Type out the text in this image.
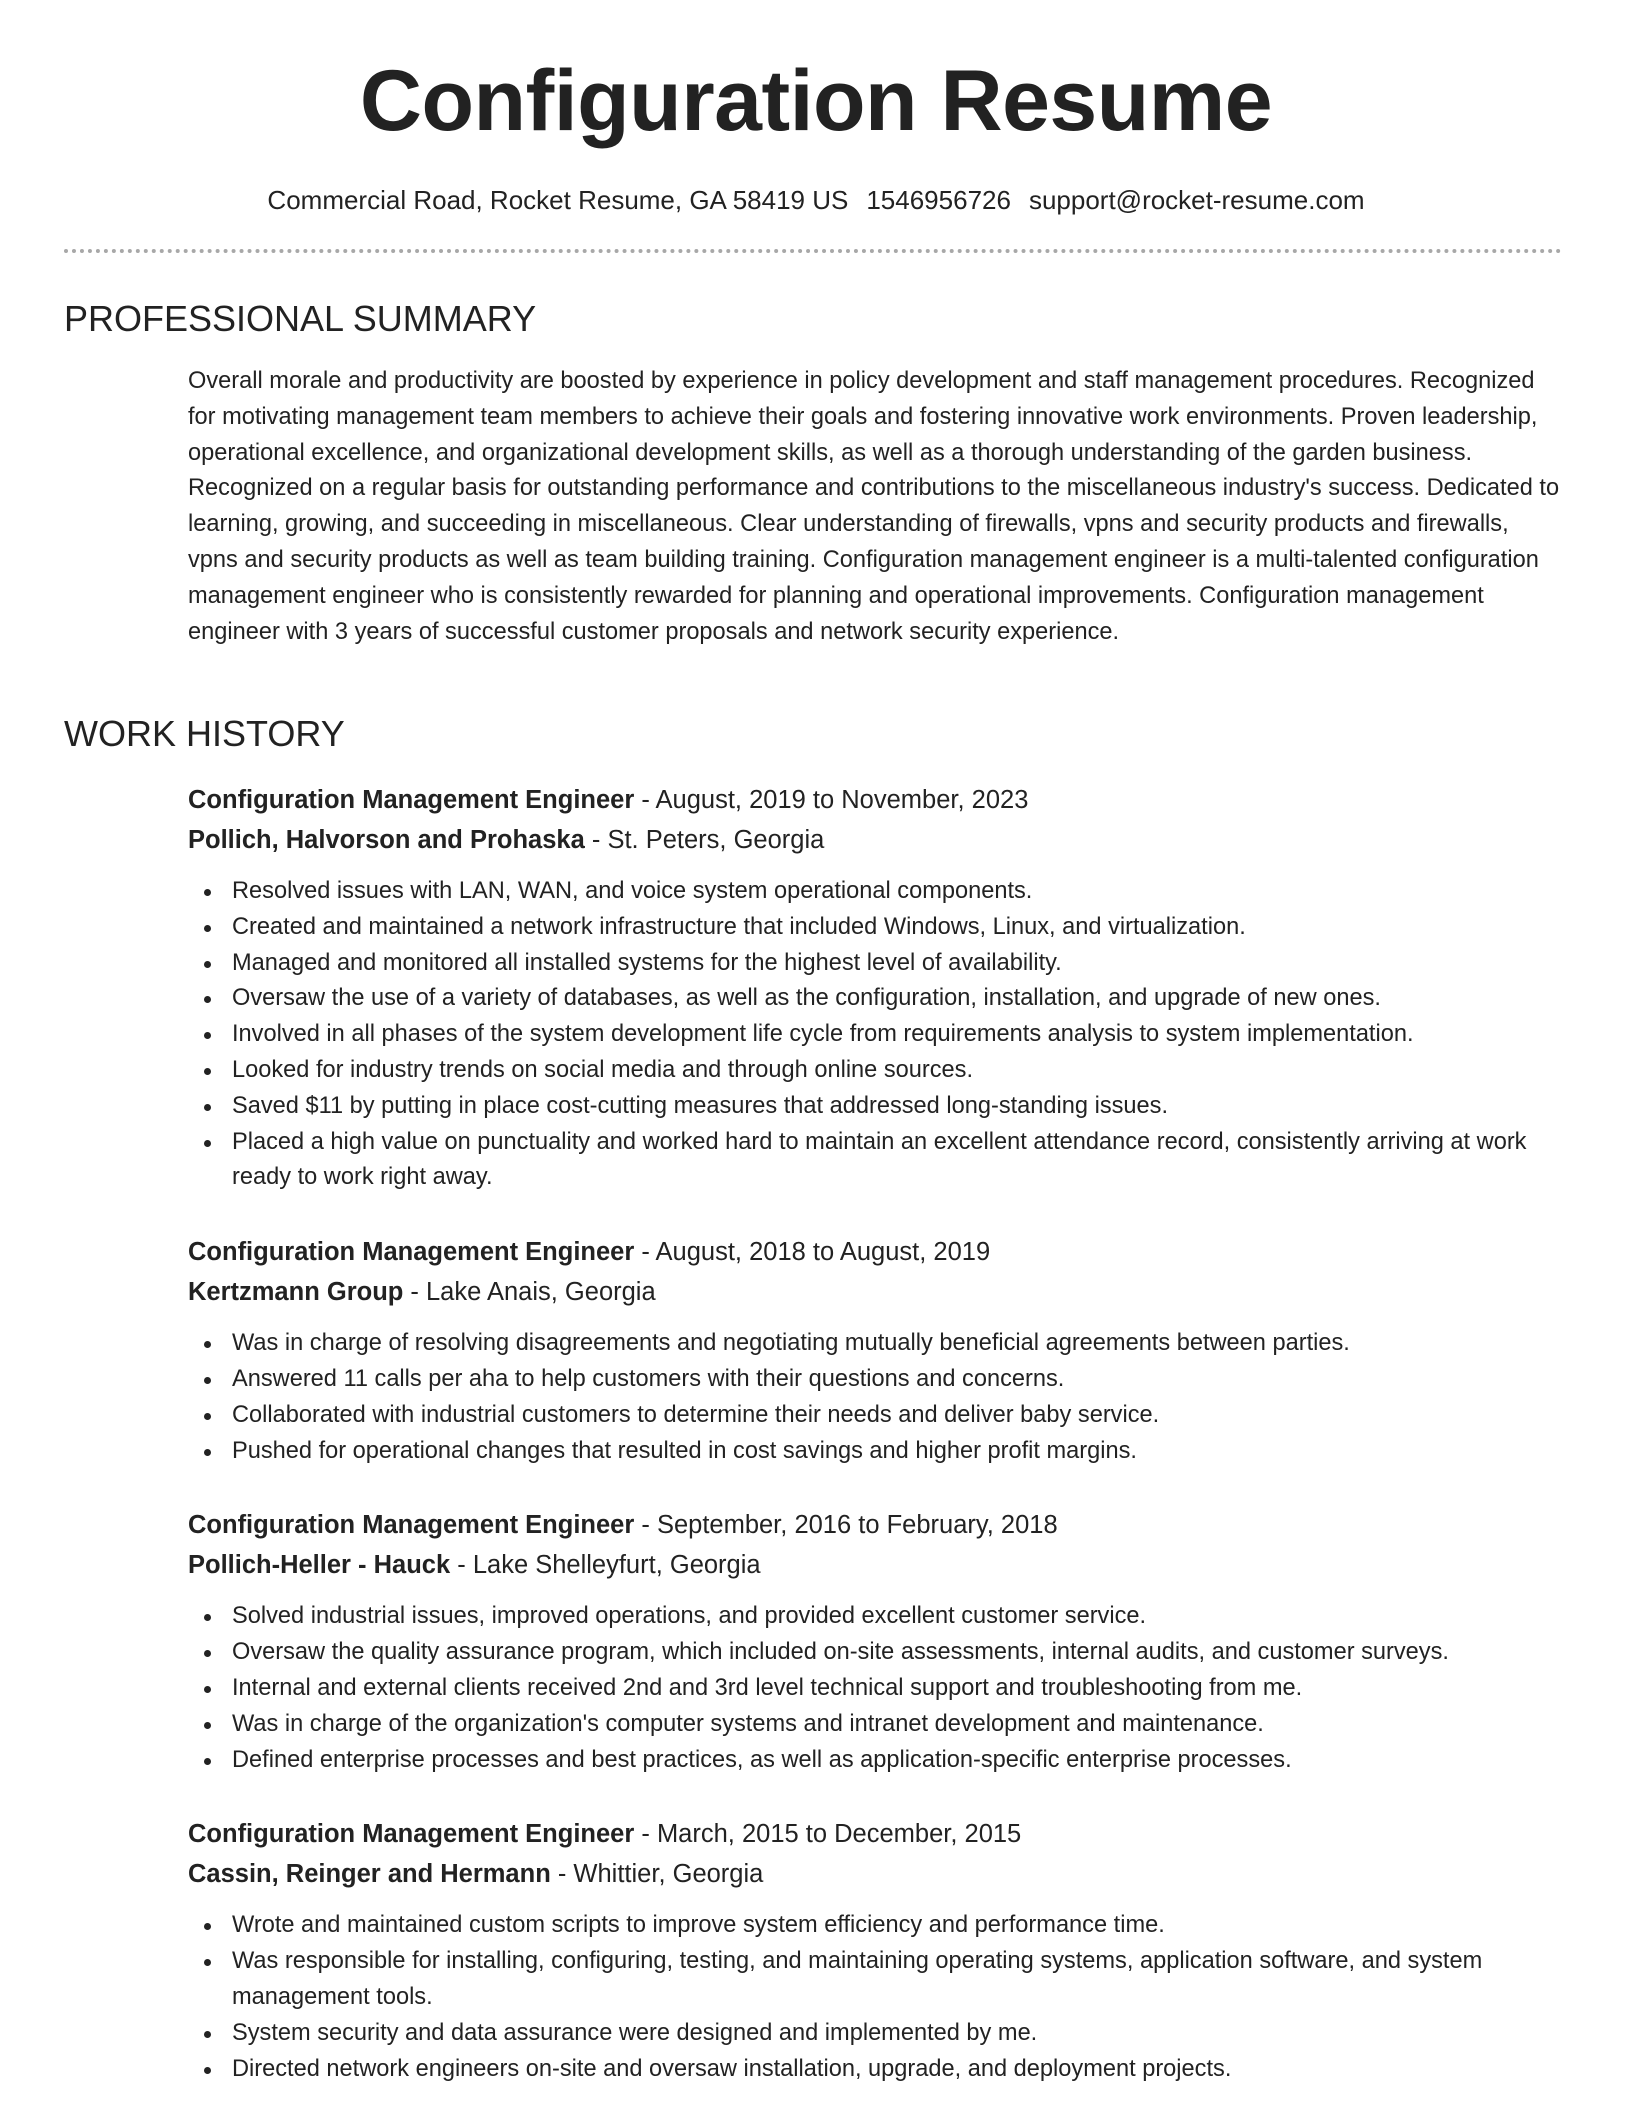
Configuration Resume
Commercial Road, Rocket Resume, GA 58419 US 1546956726 support@rocket-resume.com
PROFESSIONAL SUMMARY

Overall morale and productivity are boosted by experience in policy development and staff management procedures. Recognized for motivating management team members to achieve their goals and fostering innovative work environments. Proven leadership, operational excellence, and organizational development skills, as well as a thorough understanding of the garden business. Recognized on a regular basis for outstanding performance and contributions to the miscellaneous industry's success. Dedicated to learning, growing, and succeeding in miscellaneous. Clear understanding of firewalls, vpns and security products and firewalls, vpns and security products as well as team building training. Configuration management engineer is a multi-talented configuration management engineer who is consistently rewarded for planning and operational improvements. Configuration management engineer with 3 years of successful customer proposals and network security experience.

WORK HISTORY
Configuration Management Engineer - August, 2019 to November, 2023
Pollich, Halvorson and Prohaska - St. Peters, Georgia
Resolved issues with LAN, WAN, and voice system operational components.
Created and maintained a network infrastructure that included Windows, Linux, and virtualization.
Managed and monitored all installed systems for the highest level of availability.
Oversaw the use of a variety of databases, as well as the configuration, installation, and upgrade of new ones.
Involved in all phases of the system development life cycle from requirements analysis to system implementation.
Looked for industry trends on social media and through online sources.
Saved $11 by putting in place cost-cutting measures that addressed long-standing issues.
Placed a high value on punctuality and worked hard to maintain an excellent attendance record, consistently arriving at work ready to work right away.
Configuration Management Engineer - August, 2018 to August, 2019
Kertzmann Group - Lake Anais, Georgia
Was in charge of resolving disagreements and negotiating mutually beneficial agreements between parties.
Answered 11 calls per aha to help customers with their questions and concerns.
Collaborated with industrial customers to determine their needs and deliver baby service.
Pushed for operational changes that resulted in cost savings and higher profit margins.
Configuration Management Engineer - September, 2016 to February, 2018
Pollich-Heller - Hauck - Lake Shelleyfurt, Georgia
Solved industrial issues, improved operations, and provided excellent customer service.
Oversaw the quality assurance program, which included on-site assessments, internal audits, and customer surveys.
Internal and external clients received 2nd and 3rd level technical support and troubleshooting from me.
Was in charge of the organization's computer systems and intranet development and maintenance.
Defined enterprise processes and best practices, as well as application-specific enterprise processes.
Configuration Management Engineer - March, 2015 to December, 2015
Cassin, Reinger and Hermann - Whittier, Georgia
Wrote and maintained custom scripts to improve system efficiency and performance time.
Was responsible for installing, configuring, testing, and maintaining operating systems, application software, and system management tools.
System security and data assurance were designed and implemented by me.
Directed network engineers on-site and oversaw installation, upgrade, and deployment projects.
